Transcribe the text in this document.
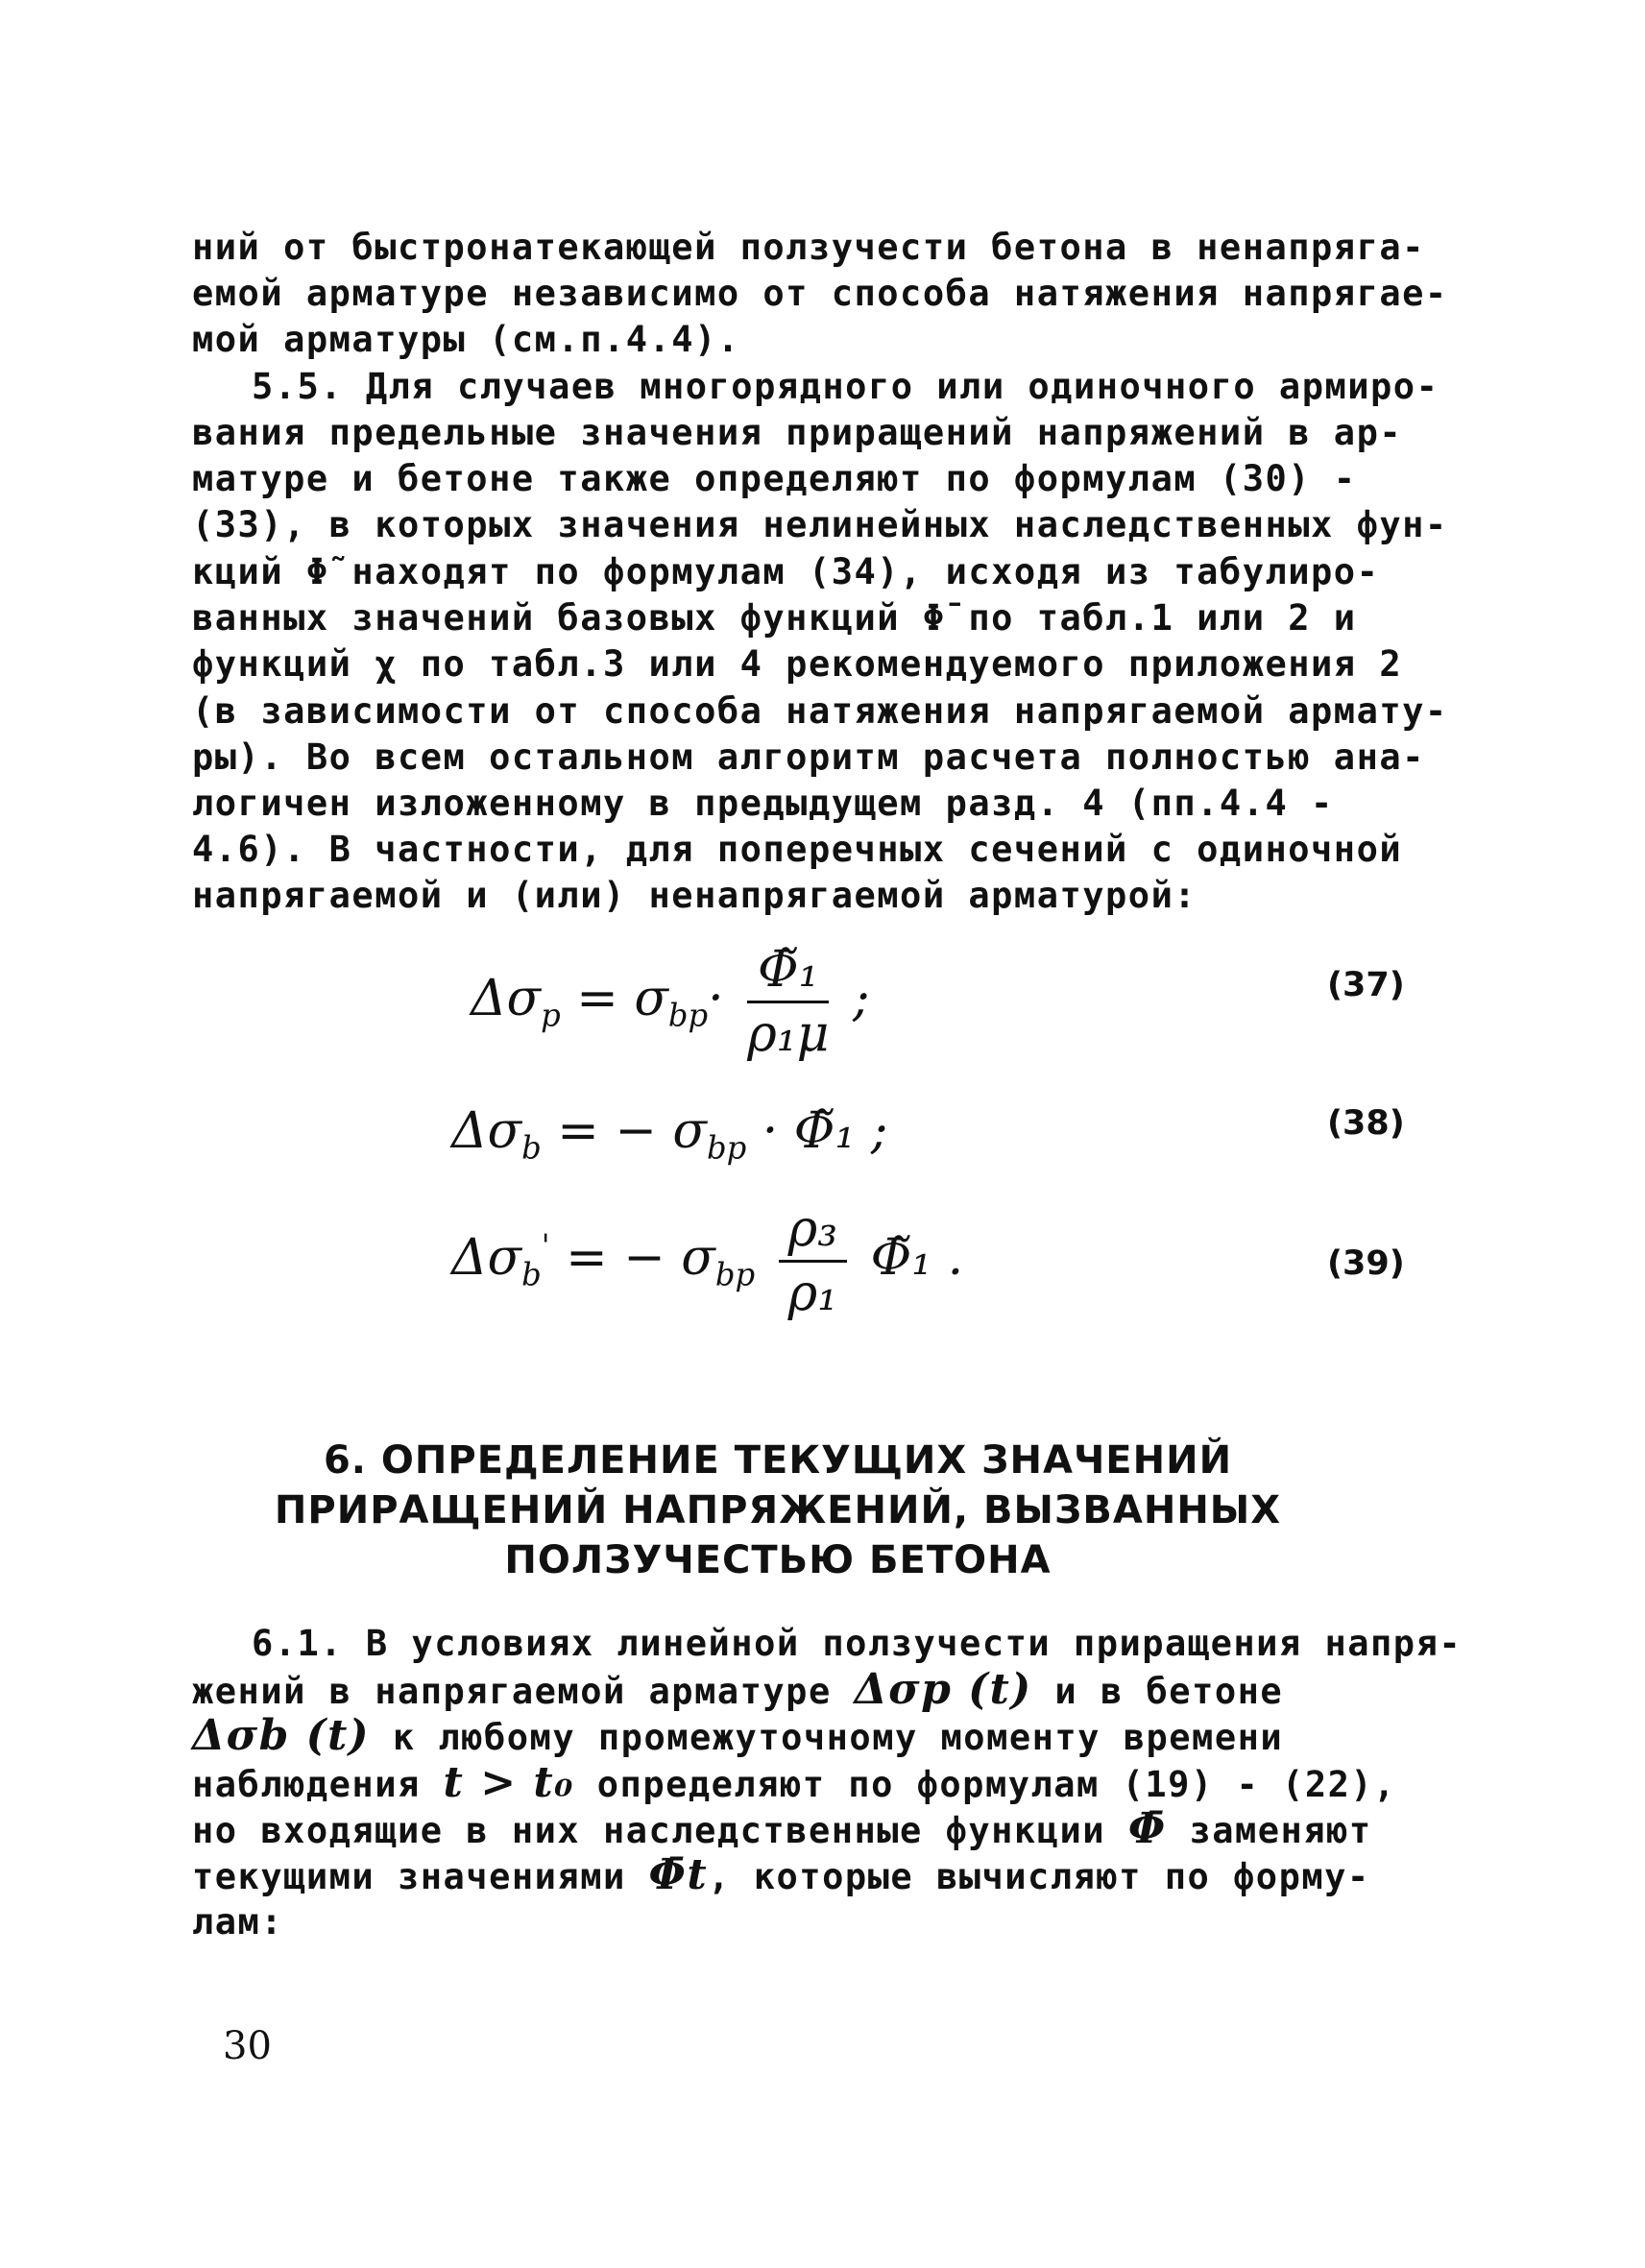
ний от быстронатекающей ползучести бетона в ненапряга-
емой арматуре независимо от способа натяжения напрягае-
мой арматуры (см.п.4.4).
5.5. Для случаев многорядного или одиночного армиро-
вания предельные значения приращений напряжений в ар-
матуре и бетоне также определяют по формулам (30) -
(33), в которых значения нелинейных наследственных фун-
кций Φ̃ находят по формулам (34), исходя из табулиро-
ванных значений базовых функций Φ̄ по табл.1 или 2 и
функций χ по табл.3 или 4 рекомендуемого приложения 2
(в зависимости от способа натяжения напрягаемой армату-
ры). Во всем остальном алгоритм расчета полностью ана-
логичен изложенному в предыдущем разд. 4 (пп.4.4 -
4.6). В частности, для поперечных сечений с одиночной
напрягаемой и (или) ненапрягаемой арматурой:
$\Delta\sigma_p = \sigma_{bp}\cdot \frac{\text{Φ̃₁}}{\text{ρ₁μ}}$ ;	(37)
$\Delta\sigma_b$ = − $\sigma_{bp}$ · Φ̃₁ ;	(38)
$\Delta\sigma_b'$ = − $\sigma_{bp} \frac{\text{ρ₃}}{\text{ρ₁}}$ Φ̃₁ .	(39)
6. ОПРЕДЕЛЕНИЕ ТЕКУЩИХ ЗНАЧЕНИЙ
ПРИРАЩЕНИЙ НАПРЯЖЕНИЙ, ВЫЗВАННЫХ
ПОЛЗУЧЕСТЬЮ БЕТОНА
6.1. В условиях линейной ползучести приращения напря-
жений в напрягаемой арматуре Δσp (t) и в бетоне
Δσb (t) к любому промежуточному моменту времени
наблюдения t > t₀ определяют по формулам (19) - (22),
но входящие в них наследственные функции Φ̄ заменяют
текущими значениями Φ̄t, которые вычисляют по форму-
лам:
30
